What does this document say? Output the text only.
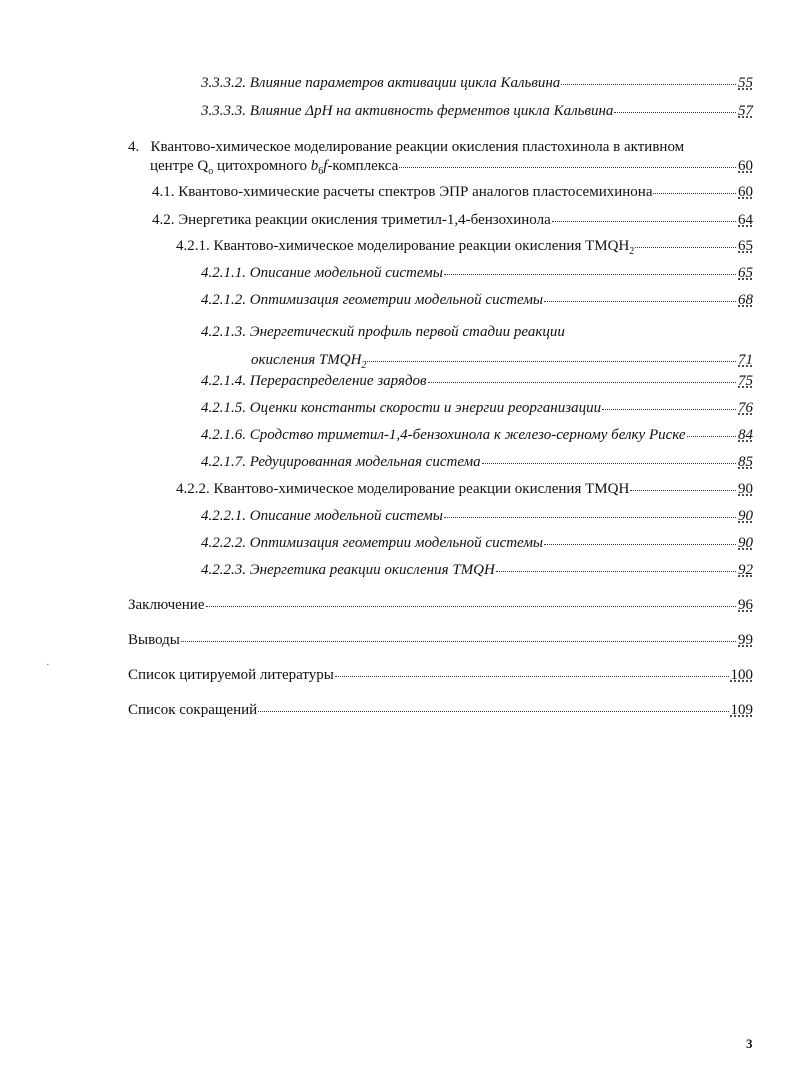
3.3.3.2. Влияние параметров активации цикла Кальвина	55
3.3.3.3. Влияние ΔpH на активность ферментов цикла Кальвина	57
4. Квантово-химическое моделирование реакции окисления пластохинола в активном
центре $Q_o$ цитохромного $b_6f$-комплекса	60
4.1. Квантово-химические расчеты спектров ЭПР аналогов пластосемихинона	60
4.2. Энергетика реакции окисления триметил-1,4-бензохинола	64
4.2.1. Квантово-химическое моделирование реакции окисления $TMQH_2$	65
4.2.1.1. Описание модельной системы	65
4.2.1.2. Оптимизация геометрии модельной системы	68
4.2.1.3. Энергетический профиль первой стадии реакции
окисления $TMQH_2$	71
4.2.1.4. Перераспределение зарядов	75
4.2.1.5. Оценки константы скорости и энергии реорганизации	76
4.2.1.6. Сродство триметил-1,4-бензохинола к железо-серному белку Риске	84
4.2.1.7. Редуцированная модельная система	85
4.2.2. Квантово-химическое моделирование реакции окисления TMQH	90
4.2.2.1. Описание модельной системы	90
4.2.2.2. Оптимизация геометрии модельной системы	90
4.2.2.3. Энергетика реакции окисления TMQH	92
Заключение	96
Выводы	99
Список цитируемой литературы	100
Список сокращений	109
·
3
